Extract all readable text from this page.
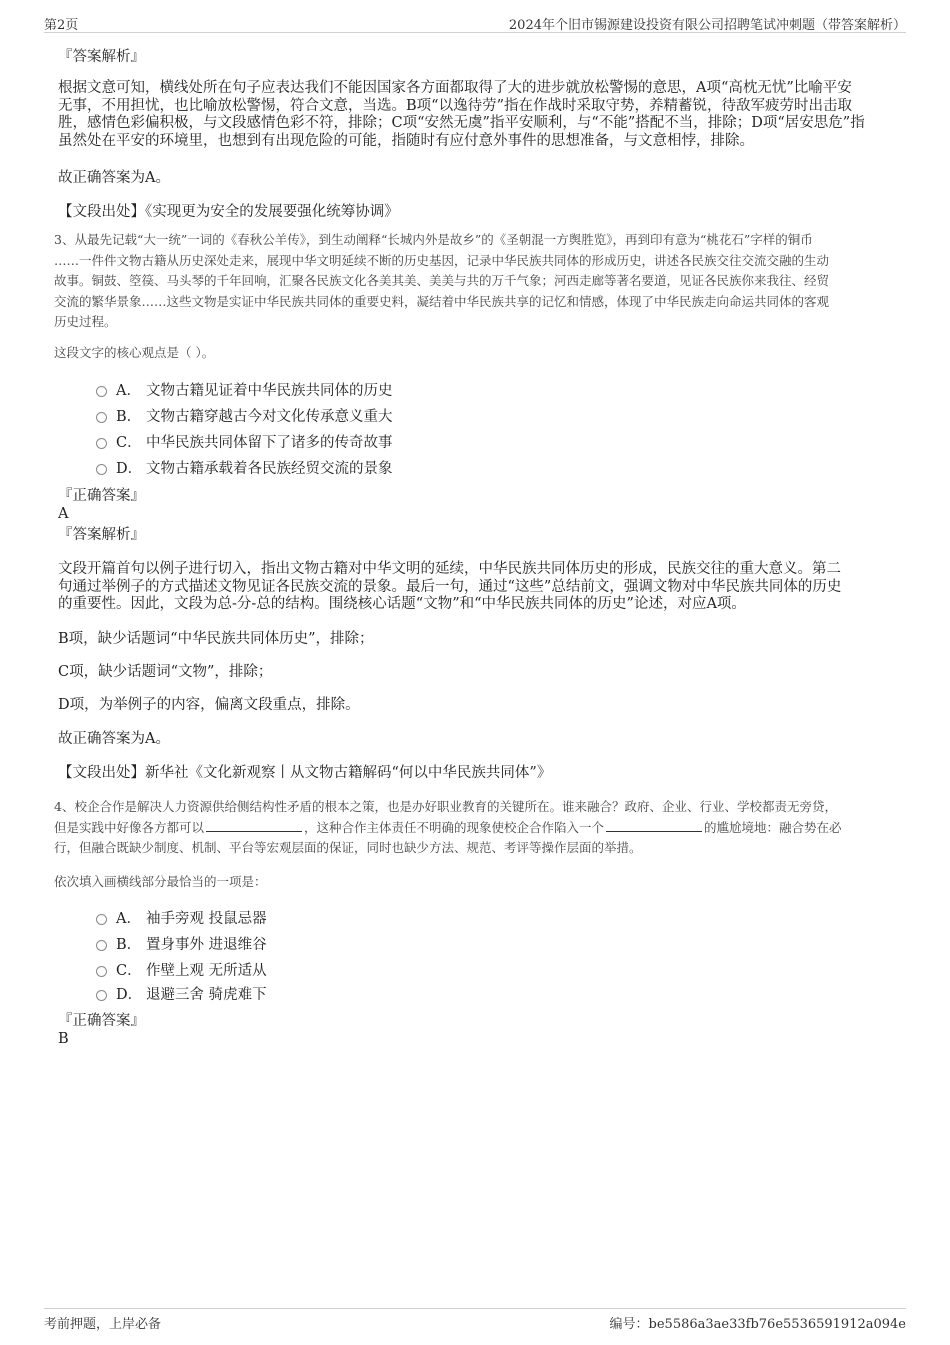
第2页	2024年个旧市锡源建设投资有限公司招聘笔试冲刺题（带答案解析）
『答案解析』

根据文意可知，横线处所在句子应表达我们不能因国家各方面都取得了大的进步就放松警惕的意思，A项“高枕无忧”比喻平安

无事，不用担忧，也比喻放松警惕，符合文意，当选。B项“以逸待劳”指在作战时采取守势，养精蓄锐，待敌军疲劳时出击取

胜，感情色彩偏积极，与文段感情色彩不符，排除；C项“安然无虞”指平安顺利，与“不能”搭配不当，排除；D项“居安思危”指

虽然处在平安的环境里，也想到有出现危险的可能，指随时有应付意外事件的思想准备，与文意相悖，排除。

故正确答案为A。
【文段出处】《实现更为安全的发展要强化统筹协调》

3、从最先记载“大一统”一词的《春秋公羊传》，到生动阐释“长城内外是故乡”的《圣朝混一方舆胜览》，再到印有意为“桃花石”字样的铜币

……一件件文物古籍从历史深处走来，展现中华文明延续不断的历史基因，记录中华民族共同体的形成历史，讲述各民族交往交流交融的生动

故事。铜鼓、箜篌、马头琴的千年回响，汇聚各民族文化各美其美、美美与共的万千气象；河西走廊等著名要道，见证各民族你来我往、经贸

交流的繁华景象……这些文物是实证中华民族共同体的重要史料，凝结着中华民族共享的记忆和情感，体现了中华民族走向命运共同体的客观

历史过程。

这段文字的核心观点是（ ）。
A． 文物古籍见证着中华民族共同体的历史
B． 文物古籍穿越古今对文化传承意义重大
C． 中华民族共同体留下了诸多的传奇故事
D． 文物古籍承载着各民族经贸交流的景象
『正确答案』
A
『答案解析』

文段开篇首句以例子进行切入，指出文物古籍对中华文明的延续，中华民族共同体历史的形成，民族交往的重大意义。第二

句通过举例子的方式描述文物见证各民族交流的景象。最后一句，通过“这些”总结前文，强调文物对中华民族共同体的历史

的重要性。因此，文段为总-分-总的结构。围绕核心话题“文物”和“中华民族共同体的历史”论述，对应A项。

B项，缺少话题词“中华民族共同体历史”，排除；
C项，缺少话题词“文物”，排除；
D项，为举例子的内容，偏离文段重点，排除。
故正确答案为A。
【文段出处】新华社《文化新观察丨从文物古籍解码“何以中华民族共同体”》

4、校企合作是解决人力资源供给侧结构性矛盾的根本之策，也是办好职业教育的关键所在。谁来融合？政府、企业、行业、学校都责无旁贷，

但是实践中好像各方都可以	，这种合作主体责任不明确的现象使校企合作陷入一个	的尴尬境地：融合势在必

行，但融合既缺少制度、机制、平台等宏观层面的保证，同时也缺少方法、规范、考评等操作层面的举措。

依次填入画横线部分最恰当的一项是：
A． 袖手旁观 投鼠忌器
B． 置身事外 进退维谷
C． 作壁上观 无所适从
D． 退避三舍 骑虎难下
『正确答案』
B
考前押题，上岸必备	编号：be5586a3ae33fb76e5536591912a094e
